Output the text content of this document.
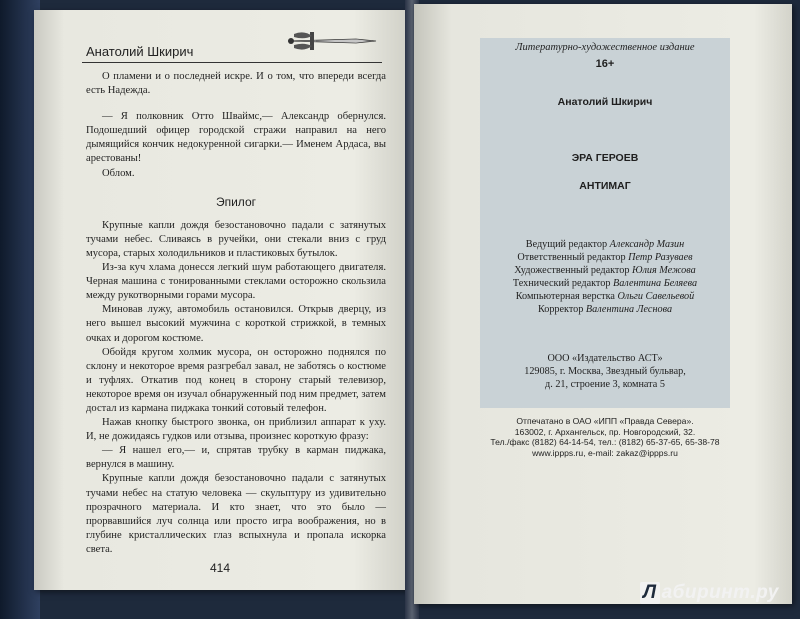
Анатолий Шкирич

О пламени и о последней искре. И о том, что впереди всегда есть Надежда.

— Я полковник Отто Шваймс,— Александр обернулся. Подошедший офицер городской стражи направил на него дымящийся кончик недокуренной сигарки.— Именем Ардаса, вы арестованы!

Облом.

Эпилог

Крупные капли дождя безостановочно падали с затянутых тучами небес. Сливаясь в ручейки, они стекали вниз с груд мусора, старых холодильников и пластиковых бутылок.

Из-за куч хлама донесся легкий шум работающего двигателя. Черная машина с тонированными стеклами осторожно скользила между рукотворными горами мусора.

Миновав лужу, автомобиль остановился. Открыв дверцу, из него вышел высокий мужчина с короткой стрижкой, в темных очках и дорогом костюме.

Обойдя кругом холмик мусора, он осторожно поднялся по склону и некоторое время разгребал завал, не заботясь о костюме и туфлях. Откатив под конец в сторону старый телевизор, некоторое время он изучал обнаруженный под ним предмет, затем достал из кармана пиджака тонкий сотовый телефон.

Нажав кнопку быстрого звонка, он приблизил аппарат к уху. И, не дожидаясь гудков или отзыва, произнес короткую фразу:

— Я нашел его,— и, спрятав трубку в карман пиджака, вернулся в машину.

Крупные капли дождя безостановочно падали с затянутых тучами небес на статую человека — скульптуру из удивительно прозрачного материала. И кто знает, что это было — прорвавшийся луч солнца или просто игра воображения, но в глубине кристаллических глаз вспыхнула и пропала искорка света.

414
Литературно-художественное издание
16+
Анатолий Шкирич
ЭРА ГЕРОЕВ
АНТИМАГ
Ведущий редактор Александр Мазин
Ответственный редактор Петр Разуваев
Художественный редактор Юлия Межова
Технический редактор Валентина Беляева
Компьютерная верстка Ольги Савельевой
Корректор Валентина Леснова
ООО «Издательство АСТ»
129085, г. Москва, Звездный бульвар,
д. 21, строение 3, комната 5
Отпечатано в ОАО «ИПП «Правда Севера».
163002, г. Архангельск, пр. Новгородский, 32.
Тел./факс (8182) 64-14-54, тел.: (8182) 65-37-65, 65-38-78
www.ippps.ru, e-mail: zakaz@ippps.ru
Л абиринт.ру
